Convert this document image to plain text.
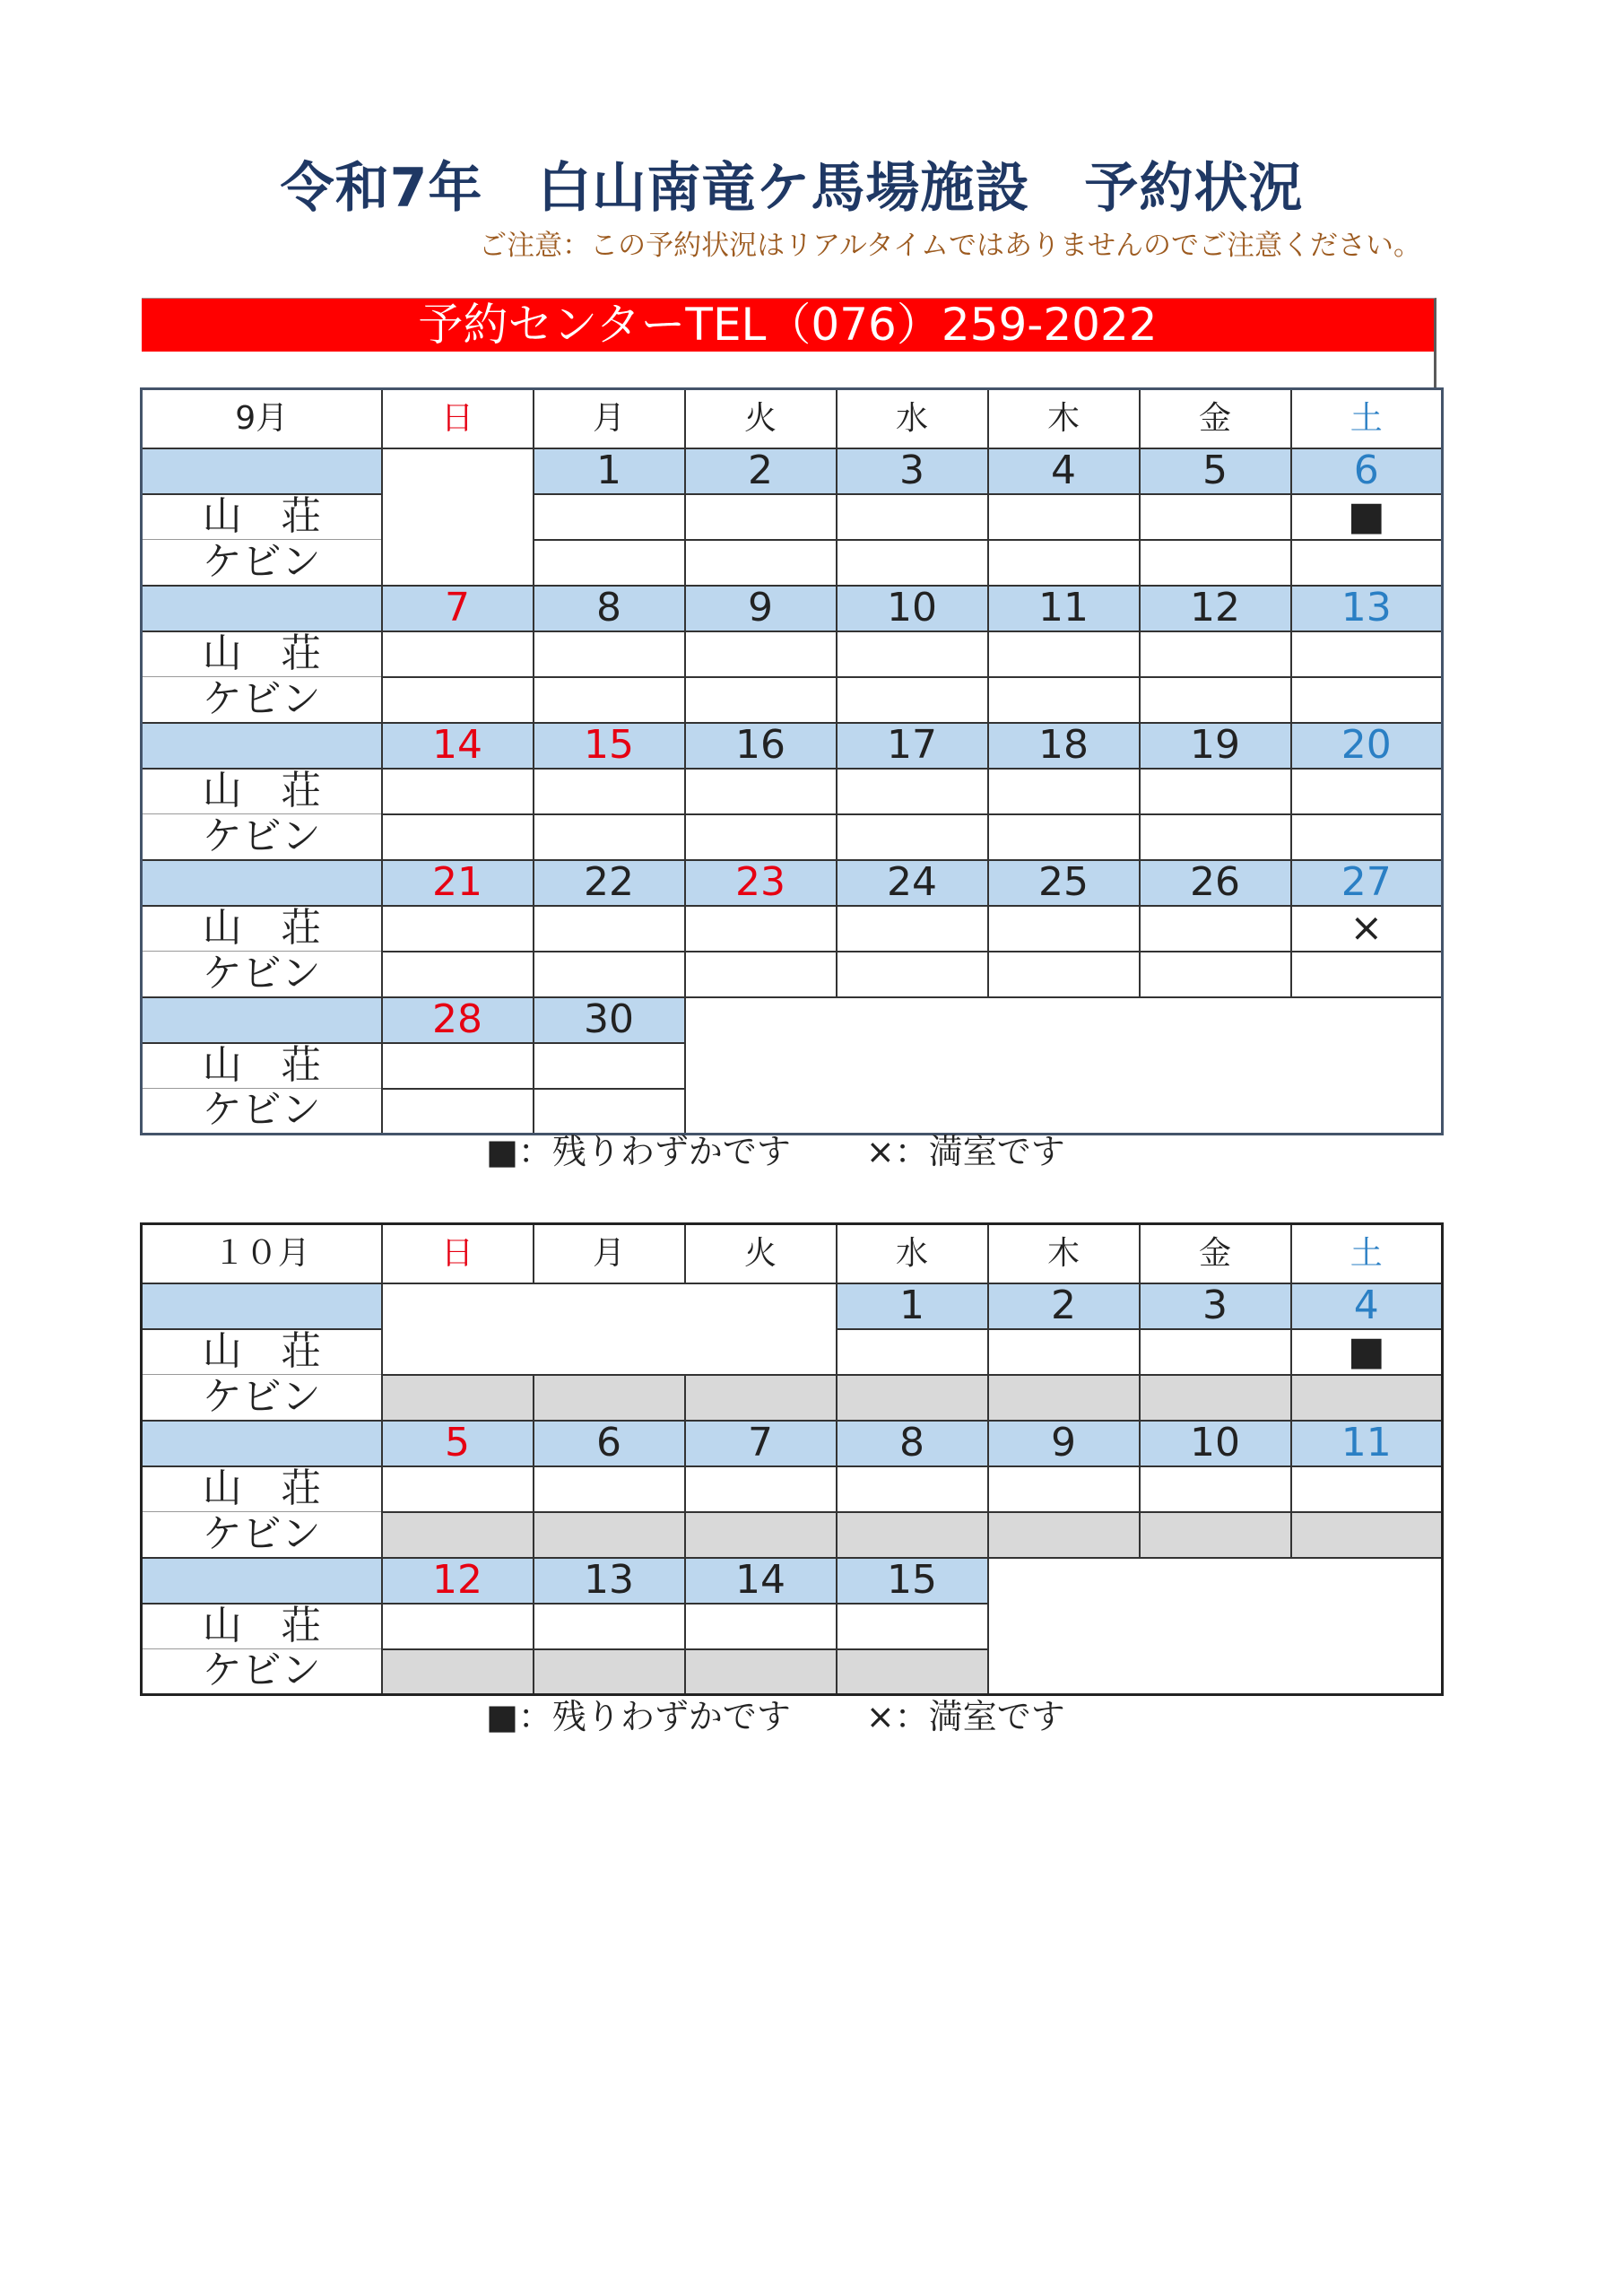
令和7年　白山南竜ケ馬場施設　予約状況
ご注意：この予約状況はリアルタイムではありませんのでご注意ください。
予約センターTEL（076）259-2022
9月	日	月	火	水	木	金	土
		1	2	3	4	5	6
山　荘							■
ケビン							
	7	8	9	10	11	12	13
山　荘							
ケビン							
	14	15	16	17	18	19	20
山　荘							
ケビン							
	21	22	23	24	25	26	27
山　荘							×
ケビン							
	28	30					
山　荘							
ケビン							
■：残りわずかです ×：満室です
１０月	日	月	火	水	木	金	土
				1	2	3	4
山　荘							■
ケビン							
	5	6	7	8	9	10	11
山　荘							
ケビン							
	12	13	14	15			
山　荘							
ケビン							
■：残りわずかです ×：満室です
